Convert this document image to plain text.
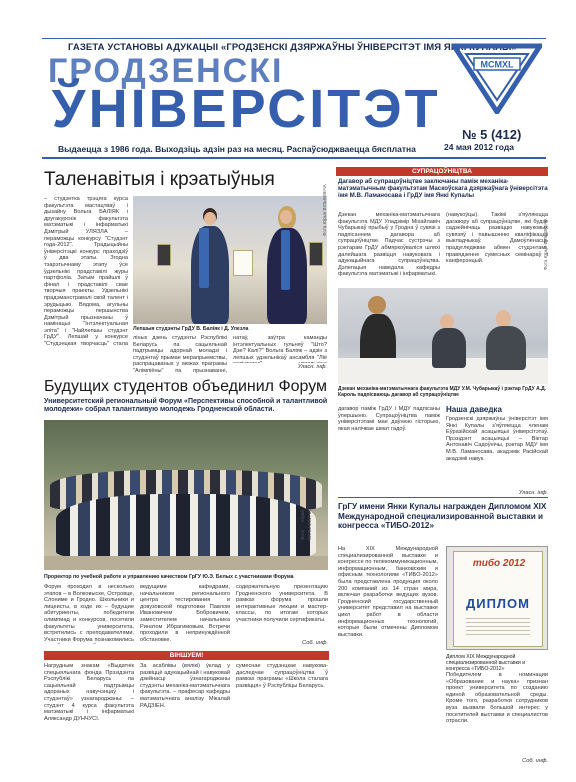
ГАЗЕТА УСТАНОВЫ АДУКАЦЫІ «ГРОДЗЕНСКІ ДЗЯРЖАЎНЫ ЎНІВЕРСІТЭТ ІМЯ ЯНКІ КУПАЛЫ»
ГРОДЗЕНСКІ
ЎНІВЕРСІТЭТ
Выдаецца з 1986 года. Выходзіць адзін раз на месяц. Распаўсюджваецца бясплатна
№ 5 (412)
24 мая 2012 года
MCMXL
Таленавітыя і крэатыўныя
– студэнтка трэцяга курса факультэта мастацтваў і дызайну Вольга БАЛІЯК і другакурснік факультэта матэматыкі і інфарматыкі Дзмітрый УЛЯЗЛА – пераможцы конкурсу "Студэнт года-2012". Традыцыйны ўніверсітэцкі конкурс праходзіў ў два этапы. Згодна тэарэтычнаму этапу ўсе ўдзельнікі прадставілі журы партфоліа. Затым прайшлі ў фінал і прадставілі свае творчыя праекты. Удзельнікі прадэманстравалі свой талент і эрудыцыю. Вядома, агульны пераможцы першынства Дзмітрый прызначаны ў намінацыі "Інтэлектуальная эліта" і "Найлепшы студэнт ГрДУ". Лепшай у конкурсе "Студэнцкая творчасць" стала
Лепшыя студэнты ГрДУ В. Баліяк і Д. Улезла
ліных дзень студэнты Рэспублікі Беларусь па сацыяльнай падтрымцы адорнай моладзі і студэнтаў прымае мерапрыемствы, распрацаваных у межах праграмы "Алімпіёны" па прызнаванні,
натаў, заўтра каманды інтэлектуальных гульняў "Што? Дзе? Калі?" Вольга Баліяк – адзін з лепшых удзельнікаў ансамбля "Ліё
Уласн. інф.
СУПРАЦОЎНІЦТВА
Дагавор аб супрацоўніцтве заключаны паміж механіка-матэматычным факультэтам Маскоўскага дзяржаўнага ўніверсітэта імя М.В. Ламаносава і ГрДУ імя Янкі Купалы
Дзекан механіка-матэматычнага факультэта МДУ Уладзімір Міхайлавіч Чубарыкаў прыбыў у Гродна ў сувязі з падпісаннем дагавора аб супрацоўніцтве. Падчас сустрэчы з рэктарам ГрДУ абмяркоўваліся шляхі далейшага развіцця навуковага і адукацыйнага супрацоўніцтва. Дэлегацыя наведала кафедры факультэта матэматыкі і інфарматыкі.
(навукоўцы). Такімі з’яўляюцца дагавору аб супрацоўніцтве, які будзе садзейнічаць развіццю навуковых сувязяў і павышэнню кваліфікацыі выкладчыкаў. Дамоўленасць прадугледжвае абмен студэнтамі, правядзенне сумесных семінараў і канферэнцый.
Дзекан механіка-матэматычнага факультэта МДУ У.М. Чубарыкаў і рэктар ГрДУ А.Д. Кароль падпісваюць дагавор аб супрацоўніцтве
Будущих студентов объединил Форум
Университетский региональный Форум «Перспективы способной и талантливой молодежи» собрал талантливую молодежь Гродненской области.
Фото Юрия ВИЛЬКЕВИЧА
Проректор по учебной работе и управлению качеством ГрГУ Ю.Э. Белых с участниками Форума
Форум проходил в несколько этапов – в Волковыске, Островце, Слониме и Гродно. Школьники и лицеисты, в ходе их – будущие абитуриенты, победители олимпиад и конкурсов, посетили факультеты университета, встретились с преподавателями. Участники Форума познакомились
ведущими кафедрами, начальником регионального центра тестирования и довузовской подготовки Павлом Ивановичем Бобровичем, заместителем начальника Ринатом Ибрагимовым. Встречи проходили в непринуждённой обстановке.
содержательную презентацию Гродненского университета. В рамках форума прошли интерактивные лекции и мастер-классы, по итогам которых участники получили сертификаты.
Соб. инф.
ВІНШУЕМ!
Нагрудным знакам «Выдатнік спецыяльнага фонда Прэзідэнта Рэспублікі Беларусь па сацыяльнай падтрымцы адораных навучэнцаў і студэнтаў» узнагароджаны: – студэнт 4 курса факультэта матэматыкі і інфарматыкі Аляксандр ДУНЧУСІ.
За асаблівы (вялікі) ўклад у развіццё адукацыйнай і навуковай дзейнасці ўзнагароджаны студэнты механіка-матэматычнага факультэта. – прафесар кафедры матэматычнага аналізу Мікалай РАДЗІЕН.
сумеснае студэнцкае навукова-даследчае супрацоўніцтва ў рамках праграмы «Школа сталага развіцця» ў Рэспубліцы Беларусь.
Наша даведка
дагавор паміж ГрДУ і МДУ падпісаны ўпершыню. Супрацоўніцтва паміж універсітэтамі мае даўнюю гісторыю, якая налічвае шмат гадоў.
Гродзенскі дзяржаўны ўніверсітэт імя Янкі Купалы з’яўляецца членам Еўразійскай асацыяцыі ўніверсітэтаў. Прэзідэнт асацыяцыі – Віктар Антонавіч Садоўнічы, рэктар МДУ імя М.В. Ламаносава, акадэмік Расійскай акадэміі навук.
Уласн. інф.
ГрГУ имени Янки Купалы награжден Дипломом XIX Международной специализированной выставки и конгресса «ТИБО-2012»
На XIX Международной специализированной выставке и конгрессе по телекоммуникационным, информационным, банковским и офисным технологиям «ТИБО-2012» была представлена продукция около 200 компаний из 14 стран мира, включая разработки ведущих вузов. Гродненский государственный университет представил на выставке цикл работ в области информационных технологий, которые были отмечены Дипломом выставки.
тибо 2012
ДИПЛОМ
Диплом XIX Международной специализированной выставки и конгресса «ТИБО-2012»
Победителем в номинации «Образование и наука» признан проект университета по созданию единой образовательной среды. Кроме того, разработки сотрудников вуза вызвали большой интерес у посетителей выставки и специалистов отрасли.
Соб. инф.
Фота Юрыя ВІЛЬКЕВІЧА
Фота Юрыя ВІЛЬКЕВІЧА
